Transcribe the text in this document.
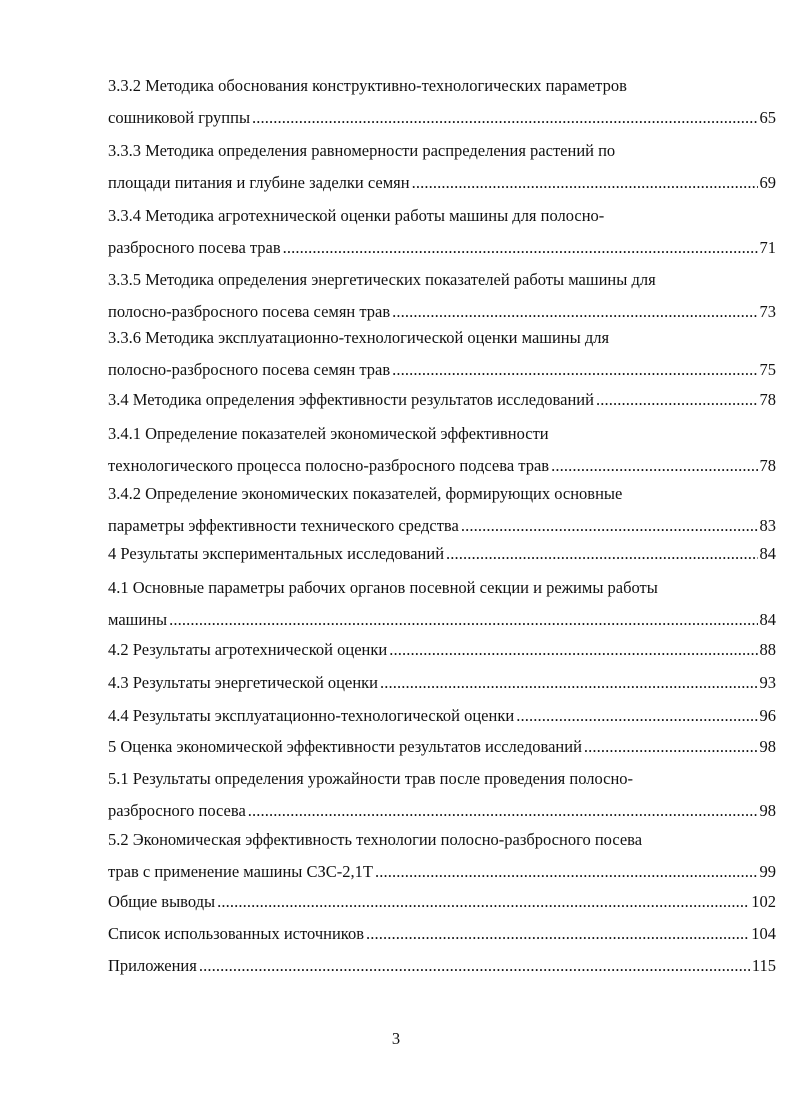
3.3.2 Методика обоснования конструктивно-технологических параметров
сошниковой группы . . .	65
3.3.3 Методика определения равномерности распределения растений по
площади питания и глубине заделки семян . . .	69
3.3.4 Методика агротехнической оценки работы машины для полосно-
разбросного посева трав . . .	71
3.3.5 Методика определения энергетических показателей работы машины для
полосно-разбросного посева семян трав . . .	73
3.3.6 Методика эксплуатационно-технологической оценки машины для
полосно-разбросного посева семян трав . . .	75
3.4 Методика определения эффективности результатов исследований . . .	78
3.4.1 Определение показателей экономической эффективности
технологического процесса полосно-разбросного подсева трав . . .	78
3.4.2 Определение экономических показателей, формирующих основные
параметры эффективности технического средства . . .	83
4 Результаты экспериментальных исследований . . .	84
4.1 Основные параметры рабочих органов посевной секции и режимы работы
машины . . .	84
4.2 Результаты агротехнической оценки . . .	88
4.3 Результаты энергетической оценки . . .	93
4.4 Результаты эксплуатационно-технологической оценки . . .	96
5 Оценка экономической эффективности результатов исследований . . .	98
5.1 Результаты определения урожайности трав после проведения полосно-
разбросного посева . . .	98
5.2 Экономическая эффективность технологии полосно-разбросного посева
трав с применение машины СЗС-2,1Т . . .	99
Общие выводы . . .	102
Список использованных источников . . .	104
Приложения . . .	115
3
